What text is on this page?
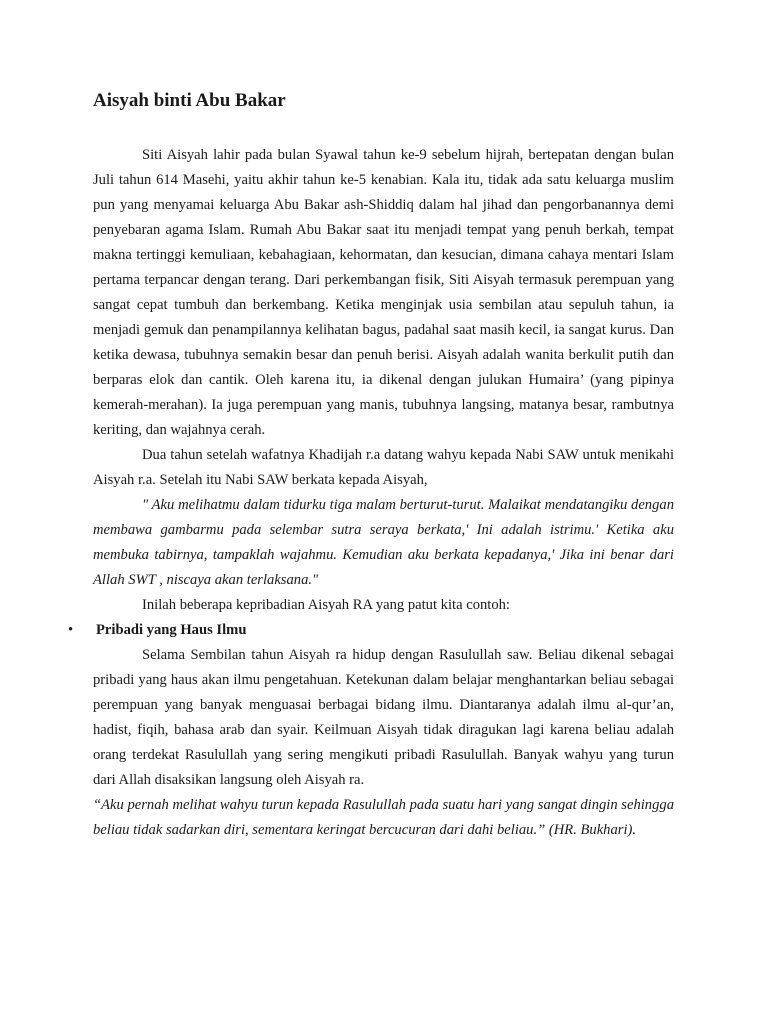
Aisyah binti Abu Bakar

Siti Aisyah lahir pada bulan Syawal tahun ke-9 sebelum hijrah, bertepatan dengan bulan Juli tahun 614 Masehi, yaitu akhir tahun ke-5 kenabian. Kala itu, tidak ada satu keluarga muslim pun yang menyamai keluarga Abu Bakar ash-Shiddiq dalam hal jihad dan pengorbanannya demi penyebaran agama Islam. Rumah Abu Bakar saat itu menjadi tempat yang penuh berkah, tempat makna tertinggi kemuliaan, kebahagiaan, kehormatan, dan kesucian, dimana cahaya mentari Islam pertama terpancar dengan terang. Dari perkembangan fisik, Siti Aisyah termasuk perempuan yang sangat cepat tumbuh dan berkembang. Ketika menginjak usia sembilan atau sepuluh tahun, ia menjadi gemuk dan penampilannya kelihatan bagus, padahal saat masih kecil, ia sangat kurus. Dan ketika dewasa, tubuhnya semakin besar dan penuh berisi. Aisyah adalah wanita berkulit putih dan berparas elok dan cantik. Oleh karena itu, ia dikenal dengan julukan Humaira’ (yang pipinya kemerah-merahan). Ia juga perempuan yang manis, tubuhnya langsing, matanya besar, rambutnya keriting, dan wajahnya cerah.

Dua tahun setelah wafatnya Khadijah r.a datang wahyu kepada Nabi SAW untuk menikahi Aisyah r.a. Setelah itu Nabi SAW berkata kepada Aisyah,

" Aku melihatmu dalam tidurku tiga malam berturut-turut. Malaikat mendatangiku dengan membawa gambarmu pada selembar sutra seraya berkata,' Ini adalah istrimu.' Ketika aku membuka tabirnya, tampaklah wajahmu. Kemudian aku berkata kepadanya,' Jika ini benar dari Allah SWT , niscaya akan terlaksana."

Inilah beberapa kepribadian Aisyah RA yang patut kita contoh:

• Pribadi yang Haus Ilmu

Selama Sembilan tahun Aisyah ra hidup dengan Rasulullah saw. Beliau dikenal sebagai pribadi yang haus akan ilmu pengetahuan. Ketekunan dalam belajar menghantarkan beliau sebagai perempuan yang banyak menguasai berbagai bidang ilmu. Diantaranya adalah ilmu al-qur’an, hadist, fiqih, bahasa arab dan syair. Keilmuan Aisyah tidak diragukan lagi karena beliau adalah orang terdekat Rasulullah yang sering mengikuti pribadi Rasulullah. Banyak wahyu yang turun dari Allah disaksikan langsung oleh Aisyah ra.

“Aku pernah melihat wahyu turun kepada Rasulullah pada suatu hari yang sangat dingin sehingga beliau tidak sadarkan diri, sementara keringat bercucuran dari dahi beliau.” (HR. Bukhari).
